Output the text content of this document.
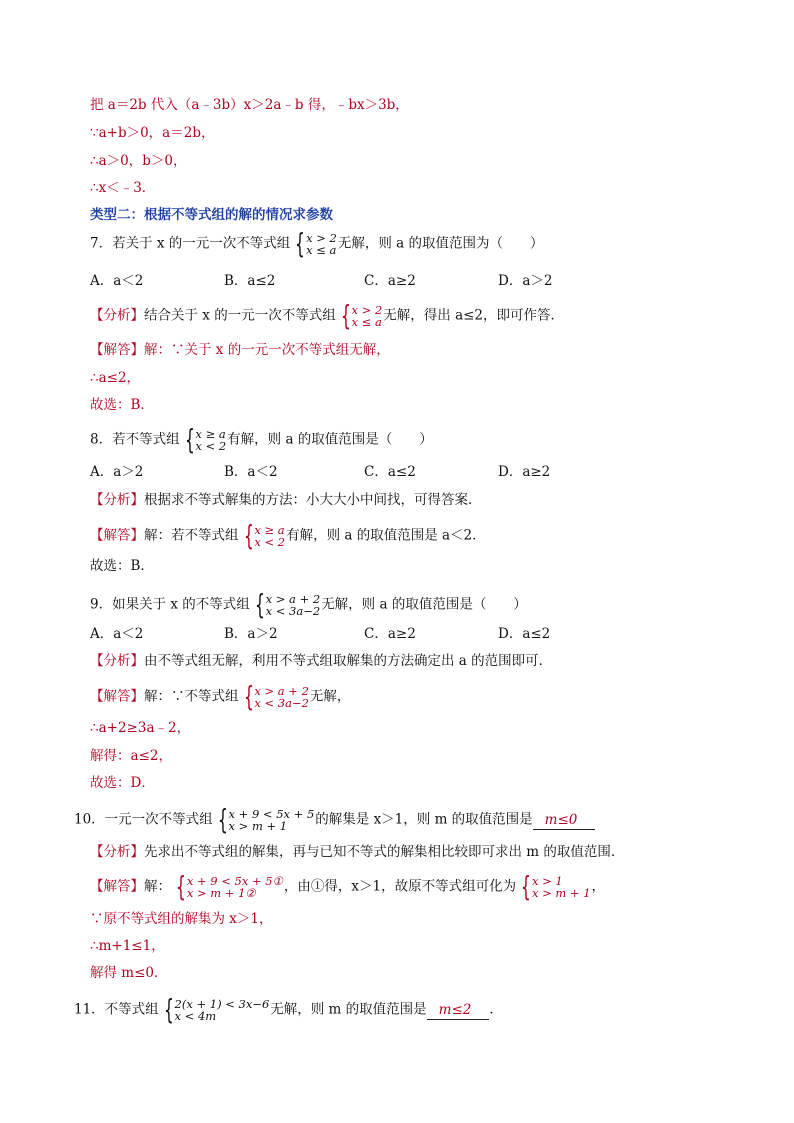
把 a＝2b 代入（a﹣3b）x＞2a﹣b 得，﹣bx＞3b，
∵a+b＞0，a＝2b，
∴a＞0，b＞0，
∴x＜﹣3．
类型二：根据不等式组的解的情况求参数
7．若关于 x 的一元一次不等式组 { x > 2
x ≤ a 无解，则 a 的取值范围为（　　）
A．a＜2	B．a≤2	C．a≥2	D．a＞2
【分析】结合关于 x 的一元一次不等式组 { x > 2
x ≤ a 无解，得出 a≤2，即可作答．
【解答】解：∵关于 x 的一元一次不等式组无解，
∴a≤2，
故选：B．
8．若不等式组 { x ≥ a
x < 2 有解，则 a 的取值范围是（　　）
A．a＞2	B．a＜2	C．a≤2	D．a≥2
【分析】根据求不等式解集的方法：小大大小中间找，可得答案．
【解答】解：若不等式组 { x ≥ a
x < 2 有解，则 a 的取值范围是 a＜2．
故选：B．
9．如果关于 x 的不等式组 { x > a + 2
x < 3a−2 无解，则 a 的取值范围是（　　）
A．a＜2	B．a＞2	C．a≥2	D．a≤2
【分析】由不等式组无解，利用不等式组取解集的方法确定出 a 的范围即可．
【解答】解：∵不等式组 { x > a + 2
x < 3a−2 无解，
∴a+2≥3a﹣2，
解得：a≤2，
故选：D．
10．一元一次不等式组 { x + 9 < 5x + 5
x > m + 1	的解集是 x＞1，则 m 的取值范围是 m≤0
【分析】先求出不等式组的解集，再与已知不等式的解集相比较即可求出 m 的取值范围．
【解答】解： { x + 9 < 5x + 5①
x > m + 1②	，由①得，x＞1，故原不等式组可化为 { x > 1
x > m + 1 ，
∵原不等式组的解集为 x＞1，
∴m+1≤1，
解得 m≤0．
11．不等式组 { 2(x + 1) < 3x−6
x < 4m	无解，则 m 的取值范围是 m≤2 ．
